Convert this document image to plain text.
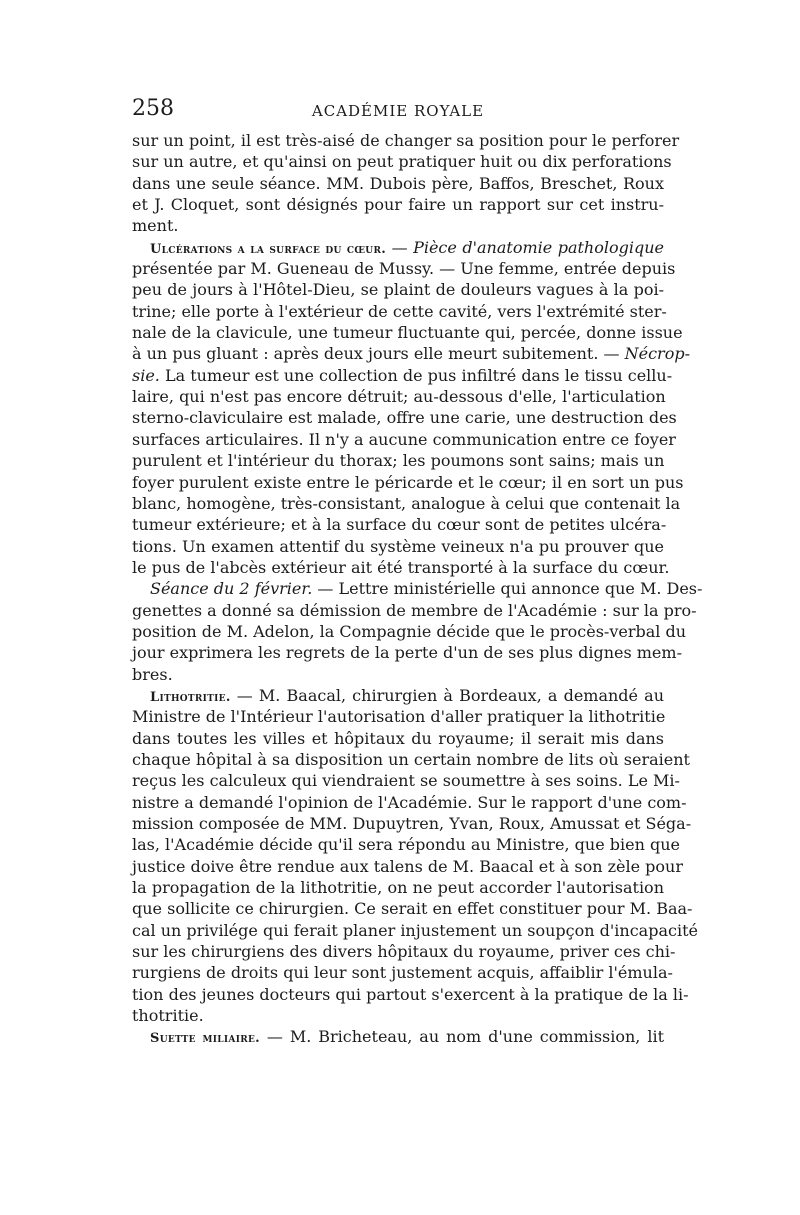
258	ACADÉMIE ROYALE
sur un point, il est très-aisé de changer sa position pour le perforer
sur un autre, et qu'ainsi on peut pratiquer huit ou dix perforations
dans une seule séance. MM. Dubois père, Baffos, Breschet, Roux
et J. Cloquet, sont désignés pour faire un rapport sur cet instru-
ment.
Ulcérations a la surface du cœur. — Pièce d'anatomie pathologique
présentée par M. Gueneau de Mussy. — Une femme, entrée depuis
peu de jours à l'Hôtel-Dieu, se plaint de douleurs vagues à la poi-
trine; elle porte à l'extérieur de cette cavité, vers l'extrémité ster-
nale de la clavicule, une tumeur fluctuante qui, percée, donne issue
à un pus gluant : après deux jours elle meurt subitement. — Nécrop-
sie. La tumeur est une collection de pus infiltré dans le tissu cellu-
laire, qui n'est pas encore détruit; au-dessous d'elle, l'articulation
sterno-claviculaire est malade, offre une carie, une destruction des
surfaces articulaires. Il n'y a aucune communication entre ce foyer
purulent et l'intérieur du thorax; les poumons sont sains; mais un
foyer purulent existe entre le péricarde et le cœur; il en sort un pus
blanc, homogène, très-consistant, analogue à celui que contenait la
tumeur extérieure; et à la surface du cœur sont de petites ulcéra-
tions. Un examen attentif du système veineux n'a pu prouver que
le pus de l'abcès extérieur ait été transporté à la surface du cœur.
Séance du 2 février. — Lettre ministérielle qui annonce que M. Des-
genettes a donné sa démission de membre de l'Académie : sur la pro-
position de M. Adelon, la Compagnie décide que le procès-verbal du
jour exprimera les regrets de la perte d'un de ses plus dignes mem-
bres.
Lithotritie. — M. Baacal, chirurgien à Bordeaux, a demandé au
Ministre de l'Intérieur l'autorisation d'aller pratiquer la lithotritie
dans toutes les villes et hôpitaux du royaume; il serait mis dans
chaque hôpital à sa disposition un certain nombre de lits où seraient
reçus les calculeux qui viendraient se soumettre à ses soins. Le Mi-
nistre a demandé l'opinion de l'Académie. Sur le rapport d'une com-
mission composée de MM. Dupuytren, Yvan, Roux, Amussat et Séga-
las, l'Académie décide qu'il sera répondu au Ministre, que bien que
justice doive être rendue aux talens de M. Baacal et à son zèle pour
la propagation de la lithotritie, on ne peut accorder l'autorisation
que sollicite ce chirurgien. Ce serait en effet constituer pour M. Baa-
cal un privilége qui ferait planer injustement un soupçon d'incapacité
sur les chirurgiens des divers hôpitaux du royaume, priver ces chi-
rurgiens de droits qui leur sont justement acquis, affaiblir l'émula-
tion des jeunes docteurs qui partout s'exercent à la pratique de la li-
thotritie.
Suette miliaire. — M. Bricheteau, au nom d'une commission, lit
